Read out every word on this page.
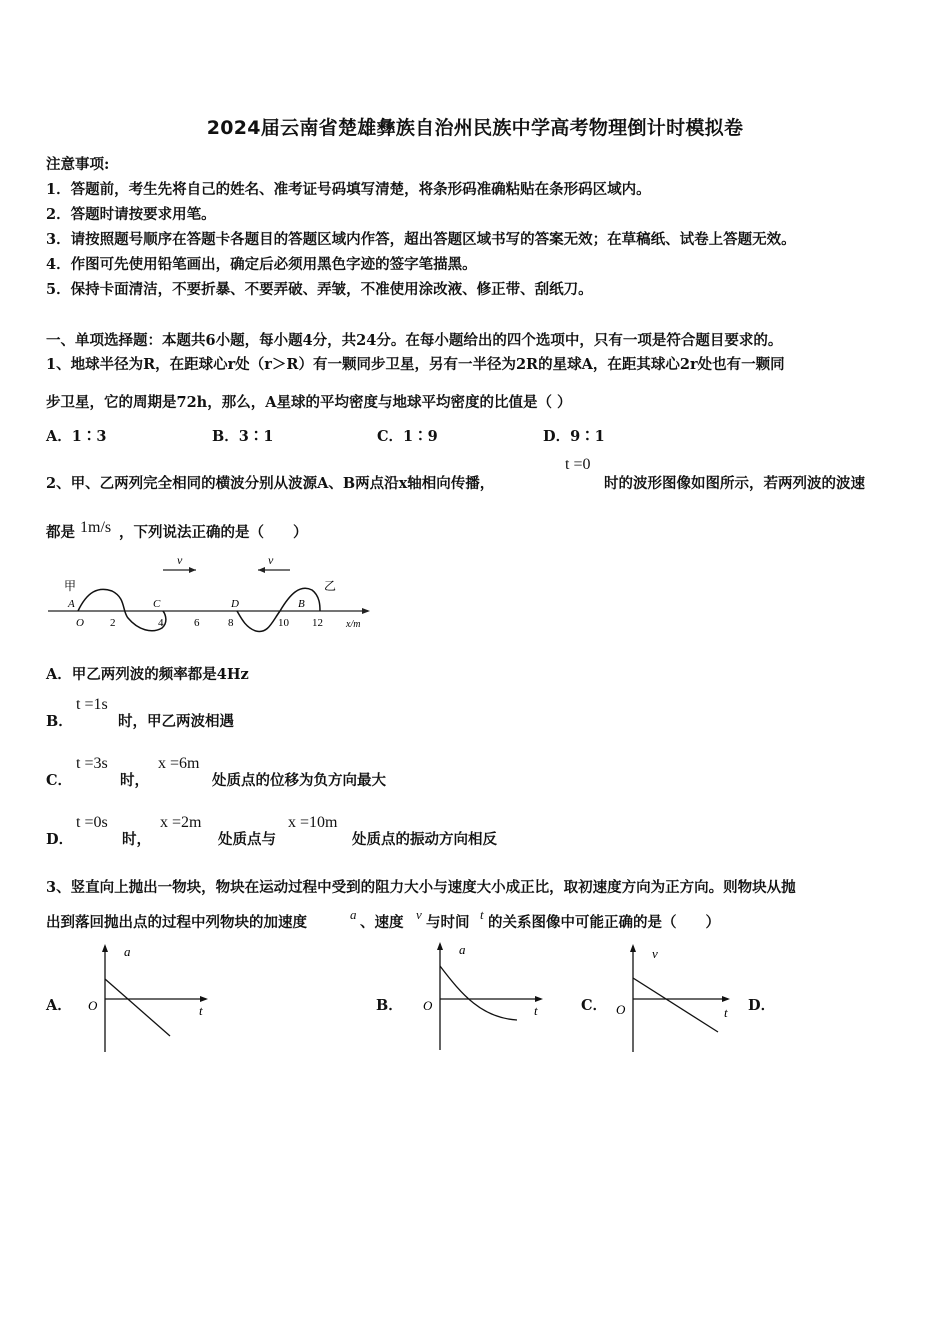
2024届云南省楚雄彝族自治州民族中学高考物理倒计时模拟卷
注意事项:
1．答题前，考生先将自己的姓名、准考证号码填写清楚，将条形码准确粘贴在条形码区域内。
2．答题时请按要求用笔。
3．请按照题号顺序在答题卡各题目的答题区域内作答，超出答题区域书写的答案无效；在草稿纸、试卷上答题无效。
4．作图可先使用铅笔画出，确定后必须用黑色字迹的签字笔描黑。
5．保持卡面清洁，不要折暴、不要弄破、弄皱，不准使用涂改液、修正带、刮纸刀。
一、单项选择题：本题共6小题，每小题4分，共24分。在每小题给出的四个选项中，只有一项是符合题目要求的。
1、地球半径为R，在距球心r处（r＞R）有一颗同步卫星，另有一半径为2R的星球A，在距其球心2r处也有一颗同
步卫星，它的周期是72h，那么，A星球的平均密度与地球平均密度的比值是（ ）
A．1∶3	B．3∶1	C．1∶9	D．9∶1
2、甲、乙两列完全相同的横波分别从波源A、B两点沿x轴相向传播，
t =0
时的波形图像如图所示，若两列波的波速
都是 1m/s ，下列说法正确的是（　　）
v	v
甲	乙
A	C	D	B
O 2	4	6	8	10 12 x/m
A．甲乙两列波的频率都是4Hz
B．
t =1s
时，甲乙两波相遇
C．
t =3s
时，
x =6m
处质点的位移为负方向最大
D．
t =0s
时，
x =2m
处质点与
x =10m
处质点的振动方向相反
3、竖直向上抛出一物块，物块在运动过程中受到的阻力大小与速度大小成正比，取初速度方向为正方向。则物块从抛
出到落回抛出点的过程中列物块的加速度	a 、速度 v 与时间 t 的关系图像中可能正确的是（　　）
A．	B．	C．	D．
a
t
O
a
t
O
v
t
O
